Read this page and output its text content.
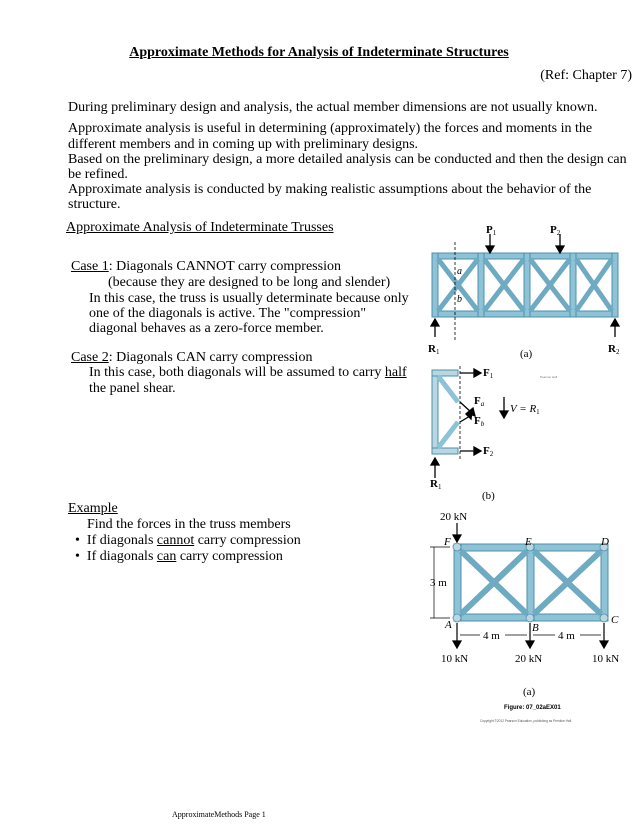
Approximate Methods for Analysis of Indeterminate Structures
(Ref: Chapter 7)
During preliminary design and analysis, the actual member dimensions are not usually known.
Approximate analysis is useful in determining (approximately) the forces and moments in the
different members and in coming up with preliminary designs.
Based on the preliminary design, a more detailed analysis can be conducted and then the design can
be refined.
Approximate analysis is conducted by making realistic assumptions about the behavior of the
structure.
Approximate Analysis of Indeterminate Trusses
Case 1: Diagonals CANNOT carry compression
(because they are designed to be long and slender)
In this case, the truss is usually determinate because only
one of the diagonals is active. The "compression"
diagonal behaves as a zero-force member.
Case 2: Diagonals CAN carry compression
In this case, both diagonals will be assumed to carry half
the panel shear.
Example
Find the forces in the truss members
•  If diagonals cannot carry compression
•  If diagonals can carry compression
P1	P2
a
b
R1	R2
(a)
F1
Fa
Fb
F2
V = R1
Pearson Hall
R1
(b)
20 kN
F	E	D
A	B
C
3 m
4 m	4 m
10 kN	20 kN	10 kN
(a)
Figure: 07_02aEX01
Copyright ©2012 Pearson Education, publishing as Prentice Hall
ApproximateMethods Page 1
